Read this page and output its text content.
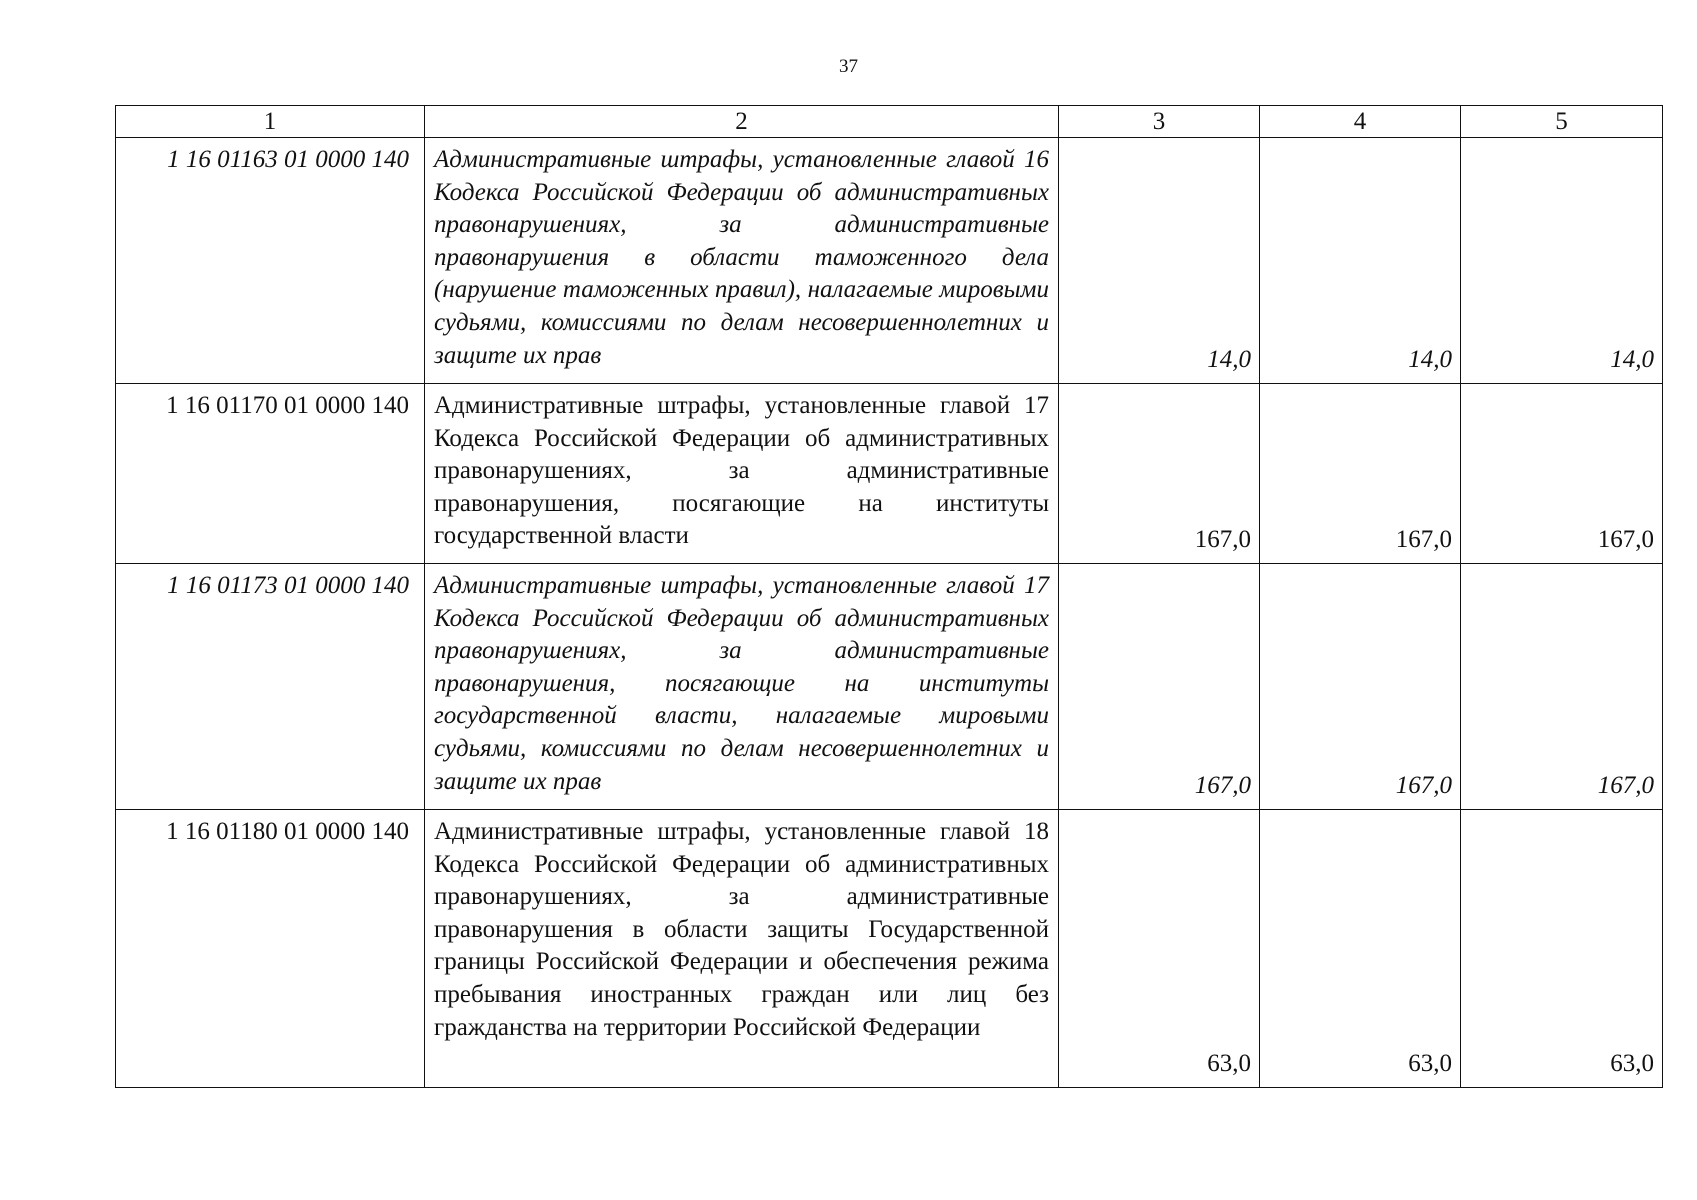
37
1	2	3	4	5
1 16 01163 01 0000 140	Административные штрафы, установленные главой 16 Кодекса Российской Федерации об административных правонарушениях, за административные правонарушения в области таможенного дела (нарушение таможенных правил), налагаемые мировыми судьями, комиссиями по делам несовершеннолетних и защите их прав	14,0	14,0	14,0
1 16 01170 01 0000 140	Административные штрафы, установленные главой 17 Кодекса Российской Федерации об административных правонарушениях, за административные правонарушения, посягающие на институты государственной власти	167,0	167,0	167,0
1 16 01173 01 0000 140	Административные штрафы, установленные главой 17 Кодекса Российской Федерации об административных правонарушениях, за административные правонарушения, посягающие на институты государственной власти, налагаемые мировыми судьями, комиссиями по делам несовершеннолетних и защите их прав	167,0	167,0	167,0
1 16 01180 01 0000 140	Административные штрафы, установленные главой 18 Кодекса Российской Федерации об административных правонарушениях, за административные правонарушения в области защиты Государственной границы Российской Федерации и обеспечения режима пребывания иностранных граждан или лиц без гражданства на территории Российской Федерации	63,0	63,0	63,0
